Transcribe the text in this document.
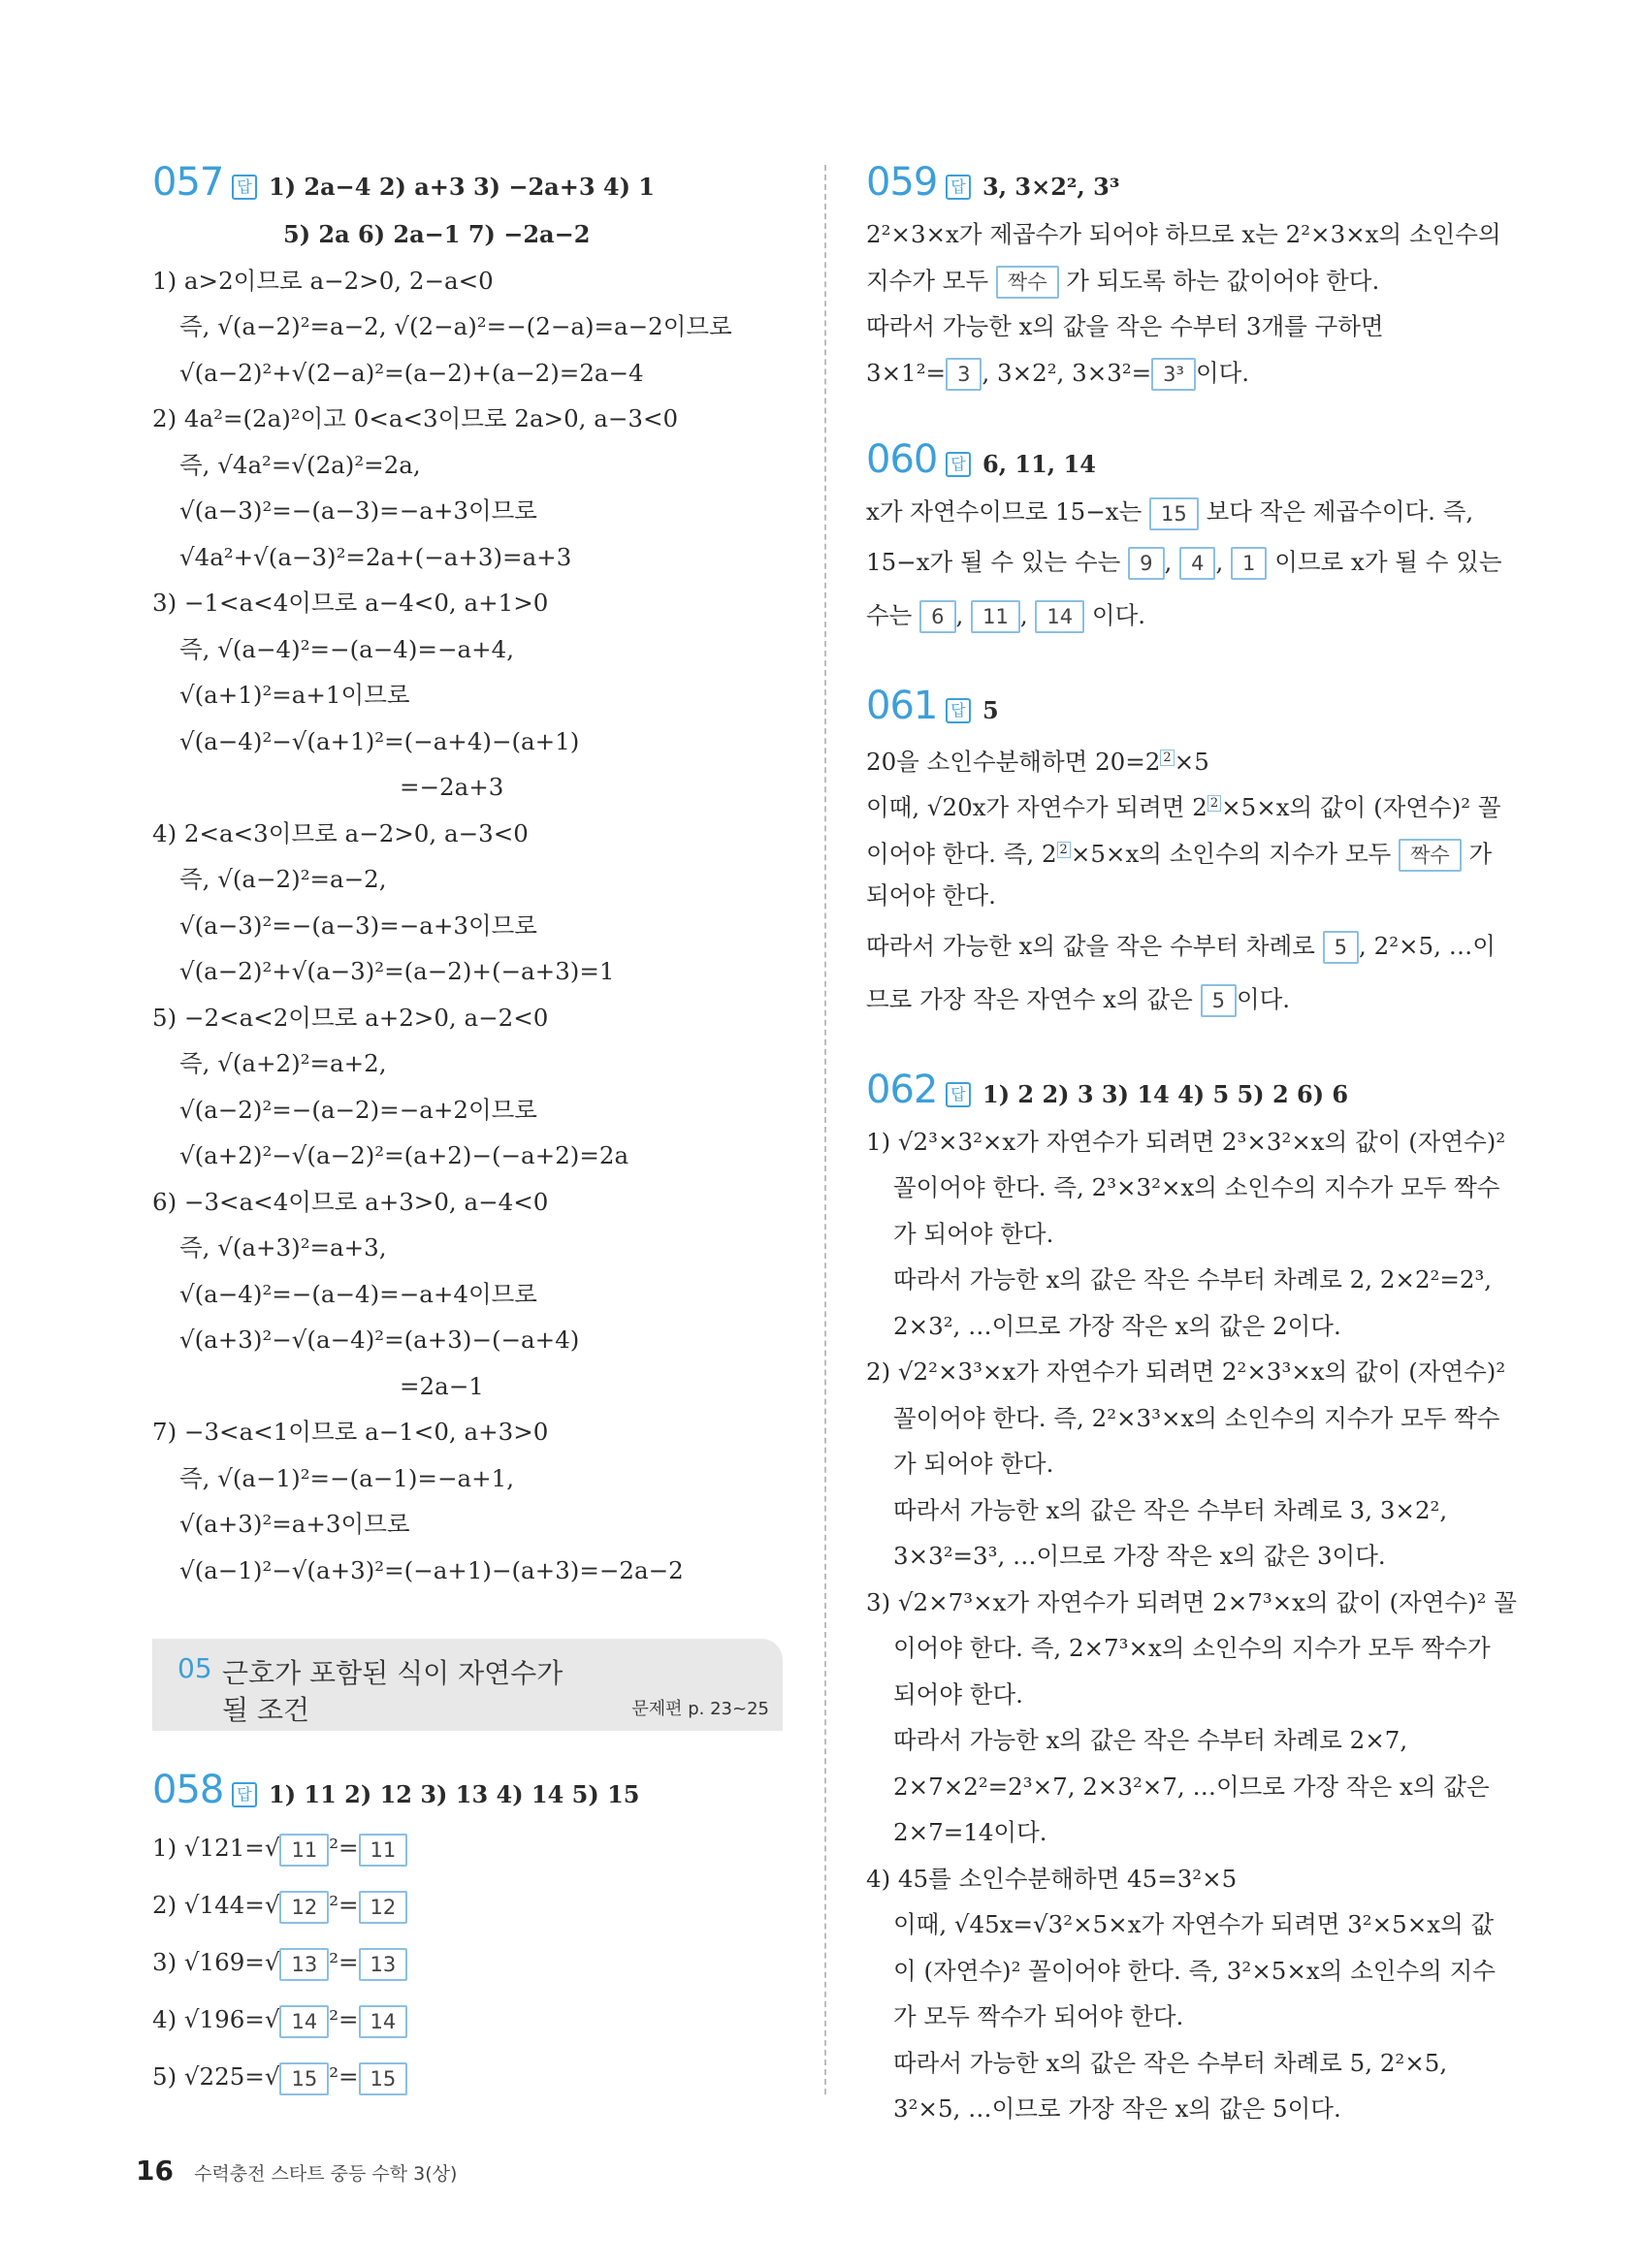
057 답 1) 2a−4 2) a+3 3) −2a+3 4) 1
5) 2a 6) 2a−1 7) −2a−2
1) a>2이므로 a−2>0, 2−a<0
즉, √(a−2)²=a−2, √(2−a)²=−(2−a)=a−2이므로
√(a−2)²+√(2−a)²=(a−2)+(a−2)=2a−4
2) 4a²=(2a)²이고 0<a<3이므로 2a>0, a−3<0
즉, √4a²=√(2a)²=2a,
√(a−3)²=−(a−3)=−a+3이므로
√4a²+√(a−3)²=2a+(−a+3)=a+3
3) −1<a<4이므로 a−4<0, a+1>0
즉, √(a−4)²=−(a−4)=−a+4,
√(a+1)²=a+1이므로
√(a−4)²−√(a+1)²=(−a+4)−(a+1)
=−2a+3
4) 2<a<3이므로 a−2>0, a−3<0
즉, √(a−2)²=a−2,
√(a−3)²=−(a−3)=−a+3이므로
√(a−2)²+√(a−3)²=(a−2)+(−a+3)=1
5) −2<a<2이므로 a+2>0, a−2<0
즉, √(a+2)²=a+2,
√(a−2)²=−(a−2)=−a+2이므로
√(a+2)²−√(a−2)²=(a+2)−(−a+2)=2a
6) −3<a<4이므로 a+3>0, a−4<0
즉, √(a+3)²=a+3,
√(a−4)²=−(a−4)=−a+4이므로
√(a+3)²−√(a−4)²=(a+3)−(−a+4)
=2a−1
7) −3<a<1이므로 a−1<0, a+3>0
즉, √(a−1)²=−(a−1)=−a+1,
√(a+3)²=a+3이므로
√(a−1)²−√(a+3)²=(−a+1)−(a+3)=−2a−2
05 근호가 포함된 식이 자연수가
될 조건	문제편 p. 23~25
058 답 1) 11 2) 12 3) 13 4) 14 5) 15
1) √121=√ 11 ²= 11
2) √144=√ 12 ²= 12
3) √169=√ 13 ²= 13
4) √196=√ 14 ²= 14
5) √225=√ 15 ²= 15
059 답 3, 3×2², 3³
2²×3×x가 제곱수가 되어야 하므로 x는 2²×3×x의 소인수의
지수가 모두 짝수 가 되도록 하는 값이어야 한다.
따라서 가능한 x의 값을 작은 수부터 3개를 구하면
3×1²= 3 , 3×2², 3×3²= 3³ 이다.
060 답 6, 11, 14
x가 자연수이므로 15−x는 15 보다 작은 제곱수이다. 즉,
15−x가 될 수 있는 수는 9 , 4 , 1 이므로 x가 될 수 있는
수는 6 , 11 , 14 이다.
061 답 5
20을 소인수분해하면 20=2 $^2$ ×5
이때, √20x가 자연수가 되려면 2 $^2$ ×5×x의 값이 (자연수)² 꼴
이어야 한다. 즉, 2 $^2$ ×5×x의 소인수의 지수가 모두 짝수 가
되어야 한다.
따라서 가능한 x의 값을 작은 수부터 차례로 5 , 2²×5, …이
므로 가장 작은 자연수 x의 값은 5 이다.
062 답 1) 2 2) 3 3) 14 4) 5 5) 2 6) 6
1) √2³×3²×x가 자연수가 되려면 2³×3²×x의 값이 (자연수)²
꼴이어야 한다. 즉, 2³×3²×x의 소인수의 지수가 모두 짝수
가 되어야 한다.
따라서 가능한 x의 값은 작은 수부터 차례로 2, 2×2²=2³,
2×3², …이므로 가장 작은 x의 값은 2이다.
2) √2²×3³×x가 자연수가 되려면 2²×3³×x의 값이 (자연수)²
꼴이어야 한다. 즉, 2²×3³×x의 소인수의 지수가 모두 짝수
가 되어야 한다.
따라서 가능한 x의 값은 작은 수부터 차례로 3, 3×2²,
3×3²=3³, …이므로 가장 작은 x의 값은 3이다.
3) √2×7³×x가 자연수가 되려면 2×7³×x의 값이 (자연수)² 꼴
이어야 한다. 즉, 2×7³×x의 소인수의 지수가 모두 짝수가
되어야 한다.
따라서 가능한 x의 값은 작은 수부터 차례로 2×7,
2×7×2²=2³×7, 2×3²×7, …이므로 가장 작은 x의 값은
2×7=14이다.
4) 45를 소인수분해하면 45=3²×5
이때, √45x=√3²×5×x가 자연수가 되려면 3²×5×x의 값
이 (자연수)² 꼴이어야 한다. 즉, 3²×5×x의 소인수의 지수
가 모두 짝수가 되어야 한다.
따라서 가능한 x의 값은 작은 수부터 차례로 5, 2²×5,
3²×5, …이므로 가장 작은 x의 값은 5이다.
16 수력충전 스타트 중등 수학 3(상)
